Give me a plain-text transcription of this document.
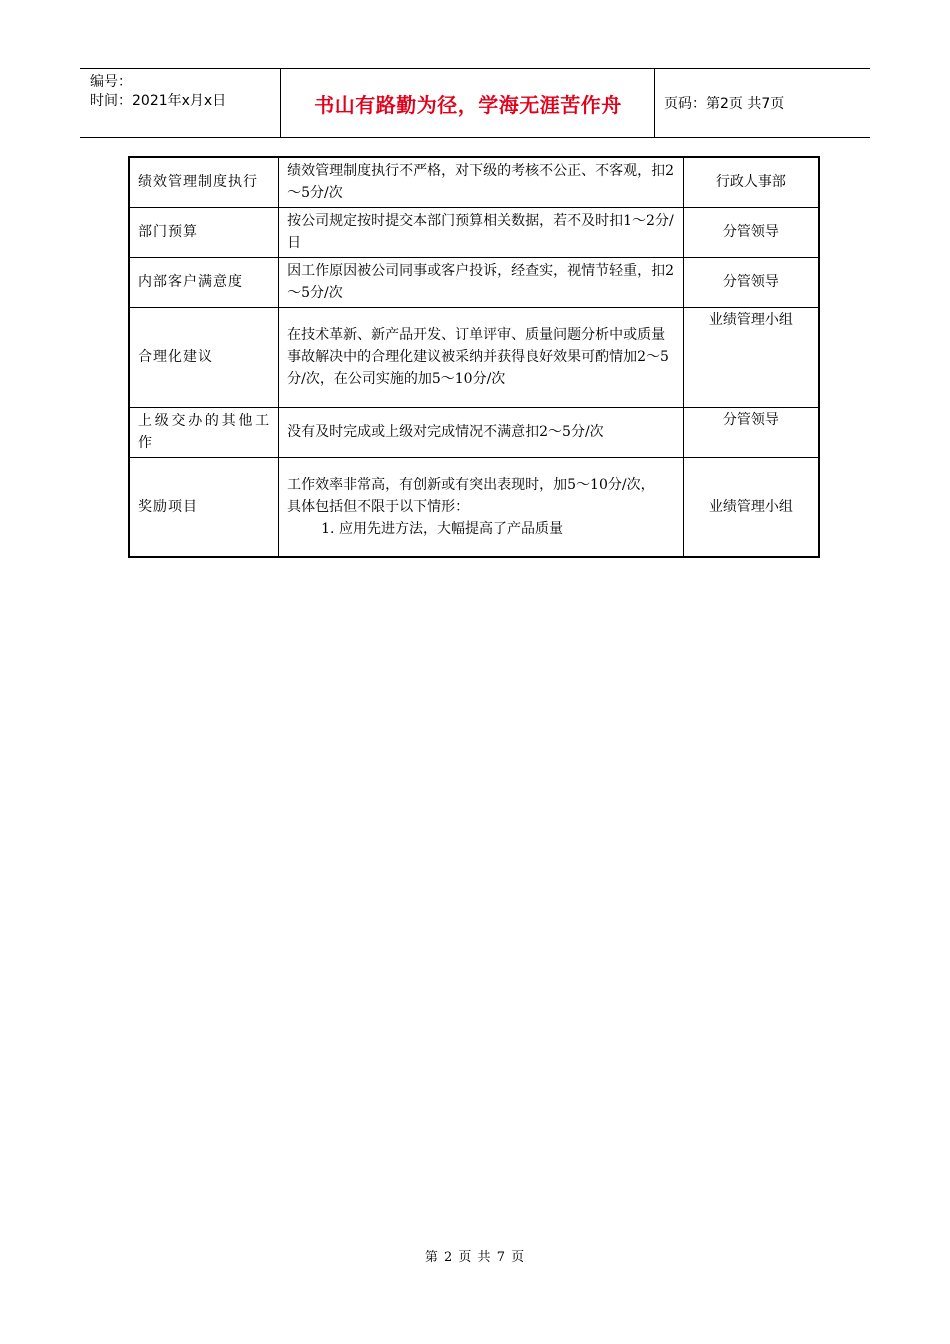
编号：
时间：2021年x月x日	书山有路勤为径，学海无涯苦作舟	页码：第2页 共7页
绩效管理制度执行	绩效管理制度执行不严格，对下级的考核不公正、不客观，扣2～5分/次	行政人事部
部门预算	按公司规定按时提交本部门预算相关数据，若不及时扣1～2分/日	分管领导
内部客户满意度	因工作原因被公司同事或客户投诉，经查实，视情节轻重，扣2～5分/次	分管领导
合理化建议	在技术革新、新产品开发、订单评审、质量问题分析中或质量事故解决中的合理化建议被采纳并获得良好效果可酌情加2～5分/次，在公司实施的加5～10分/次	业绩管理小组
上级交办的其他工作	没有及时完成或上级对完成情况不满意扣2～5分/次	分管领导
奖励项目	工作效率非常高，有创新或有突出表现时，加5～10分/次，
具体包括但不限于以下情形：
1. 应用先进方法，大幅提高了产品质量	业绩管理小组
第 2 页 共 7 页
